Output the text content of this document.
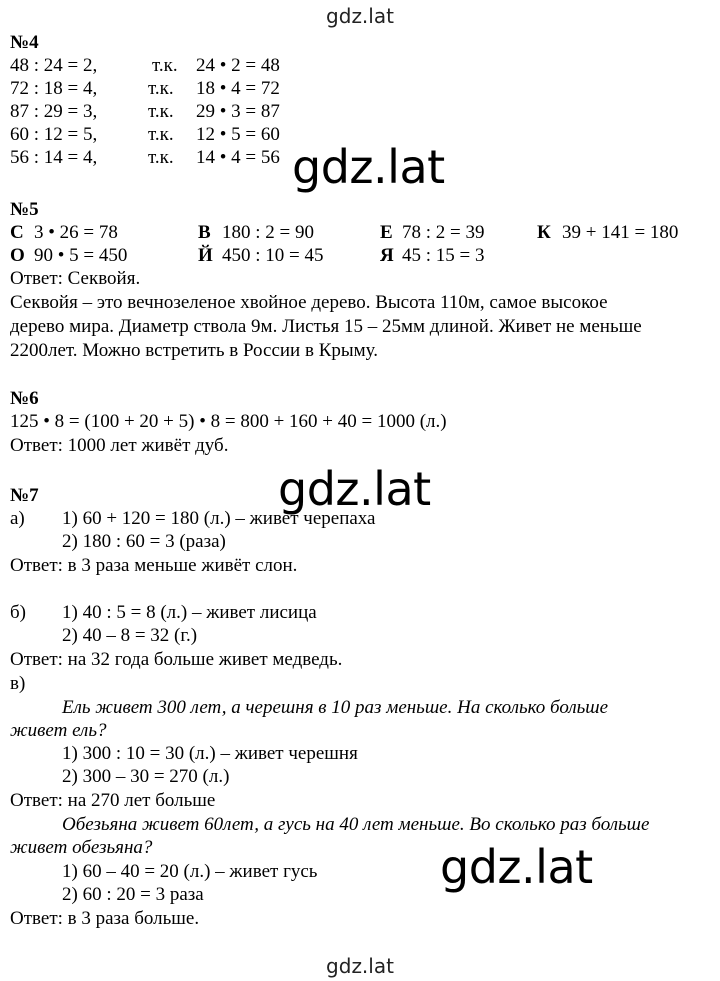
gdz.lat
gdz.lat
gdz.lat
gdz.lat
gdz.lat
№4
48 : 24 = 2,	т.к. 24 • 2 = 48
72 : 18 = 4,	т.к. 18 • 4 = 72
87 : 29 = 3,	т.к. 29 • 3 = 87
60 : 12 = 5,	т.к. 12 • 5 = 60
56 : 14 = 4,	т.к. 14 • 4 = 56
№5
С 3 • 26 = 78	В 180 : 2 = 90	Е 78 : 2 = 39	К 39 + 141 = 180
О 90 • 5 = 450	Й 450 : 10 = 45	Я 45 : 15 = 3
Ответ: Секвойя.
Секвойя – это вечнозеленое хвойное дерево. Высота 110м, самое высокое
дерево мира. Диаметр ствола 9м. Листья 15 – 25мм длиной. Живет не меньше
2200лет. Можно встретить в России в Крыму.
№6
125 • 8 = (100 + 20 + 5) • 8 = 800 + 160 + 40 = 1000 (л.)
Ответ: 1000 лет живёт дуб.
№7
а) 1) 60 + 120 = 180 (л.) – живет черепаха
2) 180 : 60 = 3 (раза)
Ответ: в 3 раза меньше живёт слон.
б) 1) 40 : 5 = 8 (л.) – живет лисица
2) 40 – 8 = 32 (г.)
Ответ: на 32 года больше живет медведь.
в)
Ель живет 300 лет, а черешня в 10 раз меньше. На сколько больше
живет ель?
1) 300 : 10 = 30 (л.) – живет черешня
2) 300 – 30 = 270 (л.)
Ответ: на 270 лет больше
Обезьяна живет 60лет, а гусь на 40 лет меньше. Во сколько раз больше
живет обезьяна?
1) 60 – 40 = 20 (л.) – живет гусь
2) 60 : 20 = 3 раза
Ответ: в 3 раза больше.
